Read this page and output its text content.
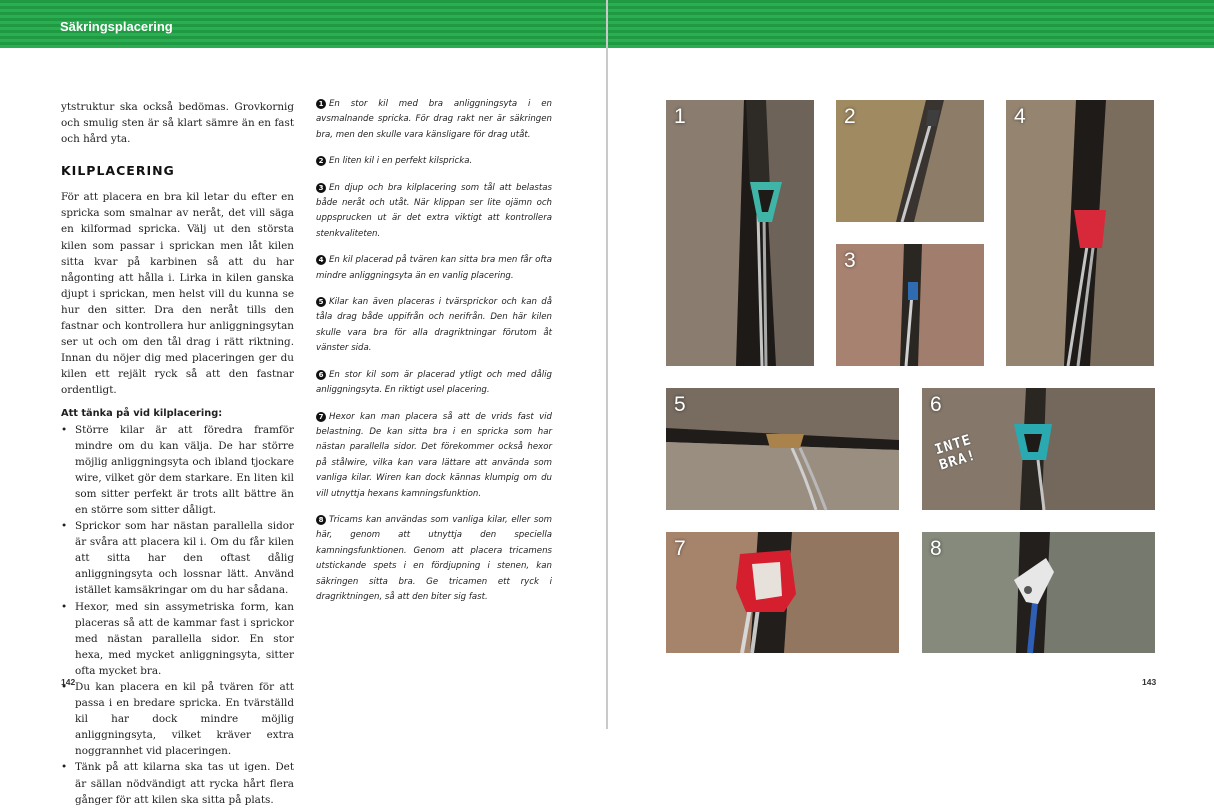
Säkringsplacering

ytstruktur ska också bedömas. Grovkornig och smulig sten är så klart sämre än en fast och hård yta.

KILPLACERING

För att placera en bra kil letar du efter en spricka som smalnar av neråt, det vill säga en kilformad spricka. Välj ut den största kilen som passar i sprickan men låt kilen sitta kvar på karbinen så att du har någonting att hålla i. Lirka in kilen ganska djupt i sprickan, men helst vill du kunna se hur den sitter. Dra den neråt tills den fastnar och kontrollera hur anliggningsytan ser ut och om den tål drag i rätt riktning. Innan du nöjer dig med placeringen ger du kilen ett rejält ryck så att den fastnar ordentligt.

Att tänka på vid kilplacering:
• Större kilar är att föredra framför mindre om du kan välja. De har större möjlig anliggningsyta och ibland tjockare wire, vilket gör dem starkare. En liten kil som sitter perfekt är trots allt bättre än en större som sitter dåligt.
• Sprickor som har nästan parallella sidor är svåra att placera kil i. Om du får kilen att sitta har den oftast dålig anliggningsyta och lossnar lätt. Använd istället kamsäkringar om du har sådana.
• Hexor, med sin assymetriska form, kan placeras så att de kammar fast i sprickor med nästan parallella sidor. En stor hexa, med mycket anliggningsyta, sitter ofta mycket bra.
• Du kan placera en kil på tvären för att passa i en bredare spricka. En tvärställd kil har dock mindre möjlig anliggningsyta, vilket kräver extra noggrannhet vid placeringen.
• Tänk på att kilarna ska tas ut igen. Det är sällan nödvändigt att rycka hårt flera gånger för att kilen ska sitta på plats.

1 En stor kil med bra anliggningsyta i en avsmalnande spricka. För drag rakt ner är säkringen bra, men den skulle vara känsligare för drag utåt.

2 En liten kil i en perfekt kilspricka.

3 En djup och bra kilplacering som tål att belastas både neråt och utåt. När klippan ser lite ojämn och uppsprucken ut är det extra viktigt att kontrollera stenkvaliteten.

4 En kil placerad på tvären kan sitta bra men får ofta mindre anliggningsyta än en vanlig placering.

5 Kilar kan även placeras i tvärsprickor och kan då tåla drag både uppifrån och nerifrån. Den här kilen skulle vara bra för alla dragriktningar förutom åt vänster sida.

6 En stor kil som är placerad ytligt och med dålig anliggningsyta. En riktigt usel placering.

7 Hexor kan man placera så att de vrids fast vid belastning. De kan sitta bra i en spricka som har nästan parallella sidor. Det förekommer också hexor på stålwire, vilka kan vara lättare att använda som vanliga kilar. Wiren kan dock kännas klumpig om du vill utnyttja hexans kamningsfunktion.

8 Tricams kan användas som vanliga kilar, eller som här, genom att utnyttja den speciella kamningsfunktionen. Genom att placera tricamens utstickande spets i en fördjupning i stenen, kan säkringen sitta bra. Ge tricamen ett ryck i dragriktningen, så att den biter sig fast.

142	143
1	2
3
4
5	6
INTE BRA!
7	8
